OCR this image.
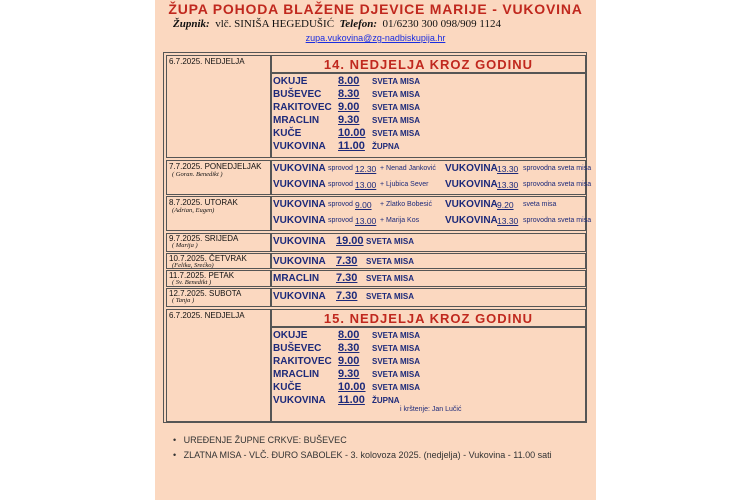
ŽUPA POHODA BLAŽENE DJEVICE MARIJE - VUKOVINA
Župnik: vlč. SINIŠA HEGEDUŠIĆ Telefon: 01/6230 300 098/909 1124
zupa.vukovina@zg-nadbiskupija.hr
6.7.2025. NEDJELJA	14. NEDJELJA KROZ GODINU
OKUJE	8.00 SVETA MISA
BUŠEVEC 8.30 SVETA MISA
RAKITOVEC 9.00 SVETA MISA
MRACLIN 9.30 SVETA MISA
KUČE	10.00 SVETA MISA
VUKOVINA 11.00 ŽUPNA
7.7.2025. PONEDJELJAK
( Goran. Benedikt )
VUKOVINA sprovod 12.30 + Nenad Janković VUKOVINA 13.30 sprovodna sveta misa
VUKOVINA sprovod 13.00 + Ljubica Sever VUKOVINA 13.30 sprovodna sveta misa
8.7.2025. UTORAK
(Adrian, Eugen)
VUKOVINA sprovod 9.00 + Zlatko Bobesić VUKOVINA 9.20 sveta misa
VUKOVINA sprovod 13.00 + Marija Kos	VUKOVINA 13.30 sprovodna sveta misa
9.7.2025. SRIJEDA
( Marija )	VUKOVINA 19.00 SVETA MISA
10.7.2025. ČETVRAK
(Felika, Srećko)	VUKOVINA 7.30 SVETA MISA
11.7.2025. PETAK
( Sv. Benedikt )	MRACLIN 7.30 SVETA MISA
12.7.2025. SUBOTA
( Tanja )	VUKOVINA 7.30 SVETA MISA
6.7.2025. NEDJELJA	15. NEDJELJA KROZ GODINU
OKUJE	8.00 SVETA MISA
BUŠEVEC 8.30 SVETA MISA
RAKITOVEC 9.00 SVETA MISA
MRACLIN 9.30 SVETA MISA
KUČE	10.00 SVETA MISA
VUKOVINA 11.00 ŽUPNA
i krštenje: Jan Lučić
•   UREĐENJE ŽUPNE CRKVE: BUŠEVEC
•   ZLATNA MISA - VLČ. ĐURO SABOLEK - 3. kolovoza 2025. (nedjelja) - Vukovina - 11.00 sati
